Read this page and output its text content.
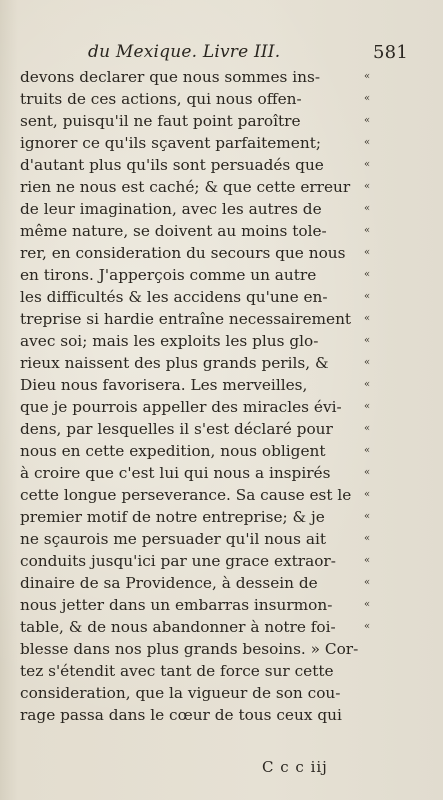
du Mexique. Livre III.	581
devons declarer que nous sommes ins-
truits de ces actions, qui nous offen-
sent, puisqu'il ne faut point paroître
ignorer ce qu'ils sçavent parfaitement;
d'autant plus qu'ils sont persuadés que
rien ne nous est caché; & que cette erreur
de leur imagination, avec les autres de
même nature, se doivent au moins tole-
rer, en consideration du secours que nous
en tirons. J'apperçois comme un autre
les difficultés & les accidens qu'une en-
treprise si hardie entraîne necessairement
avec soi; mais les exploits les plus glo-
rieux naissent des plus grands perils, &
Dieu nous favorisera. Les merveilles,
que je pourrois appeller des miracles évi-
dens, par lesquelles il s'est déclaré pour
nous en cette expedition, nous obligent
à croire que c'est lui qui nous a inspirés
cette longue perseverance. Sa cause est le
premier motif de notre entreprise; & je
ne sçaurois me persuader qu'il nous ait
conduits jusqu'ici par une grace extraor-
dinaire de sa Providence, à dessein de
nous jetter dans un embarras insurmon-
table, & de nous abandonner à notre foi-
blesse dans nos plus grands besoins. » Cor-
tez s'étendit avec tant de force sur cette
consideration, que la vigueur de son cou-
rage passa dans le cœur de tous ceux qui
«
«
«
«
«
«
«
«
«
«
«
«
«
«
«
«
«
«
«
«
«
«
«
«
«
«
C c c iij
